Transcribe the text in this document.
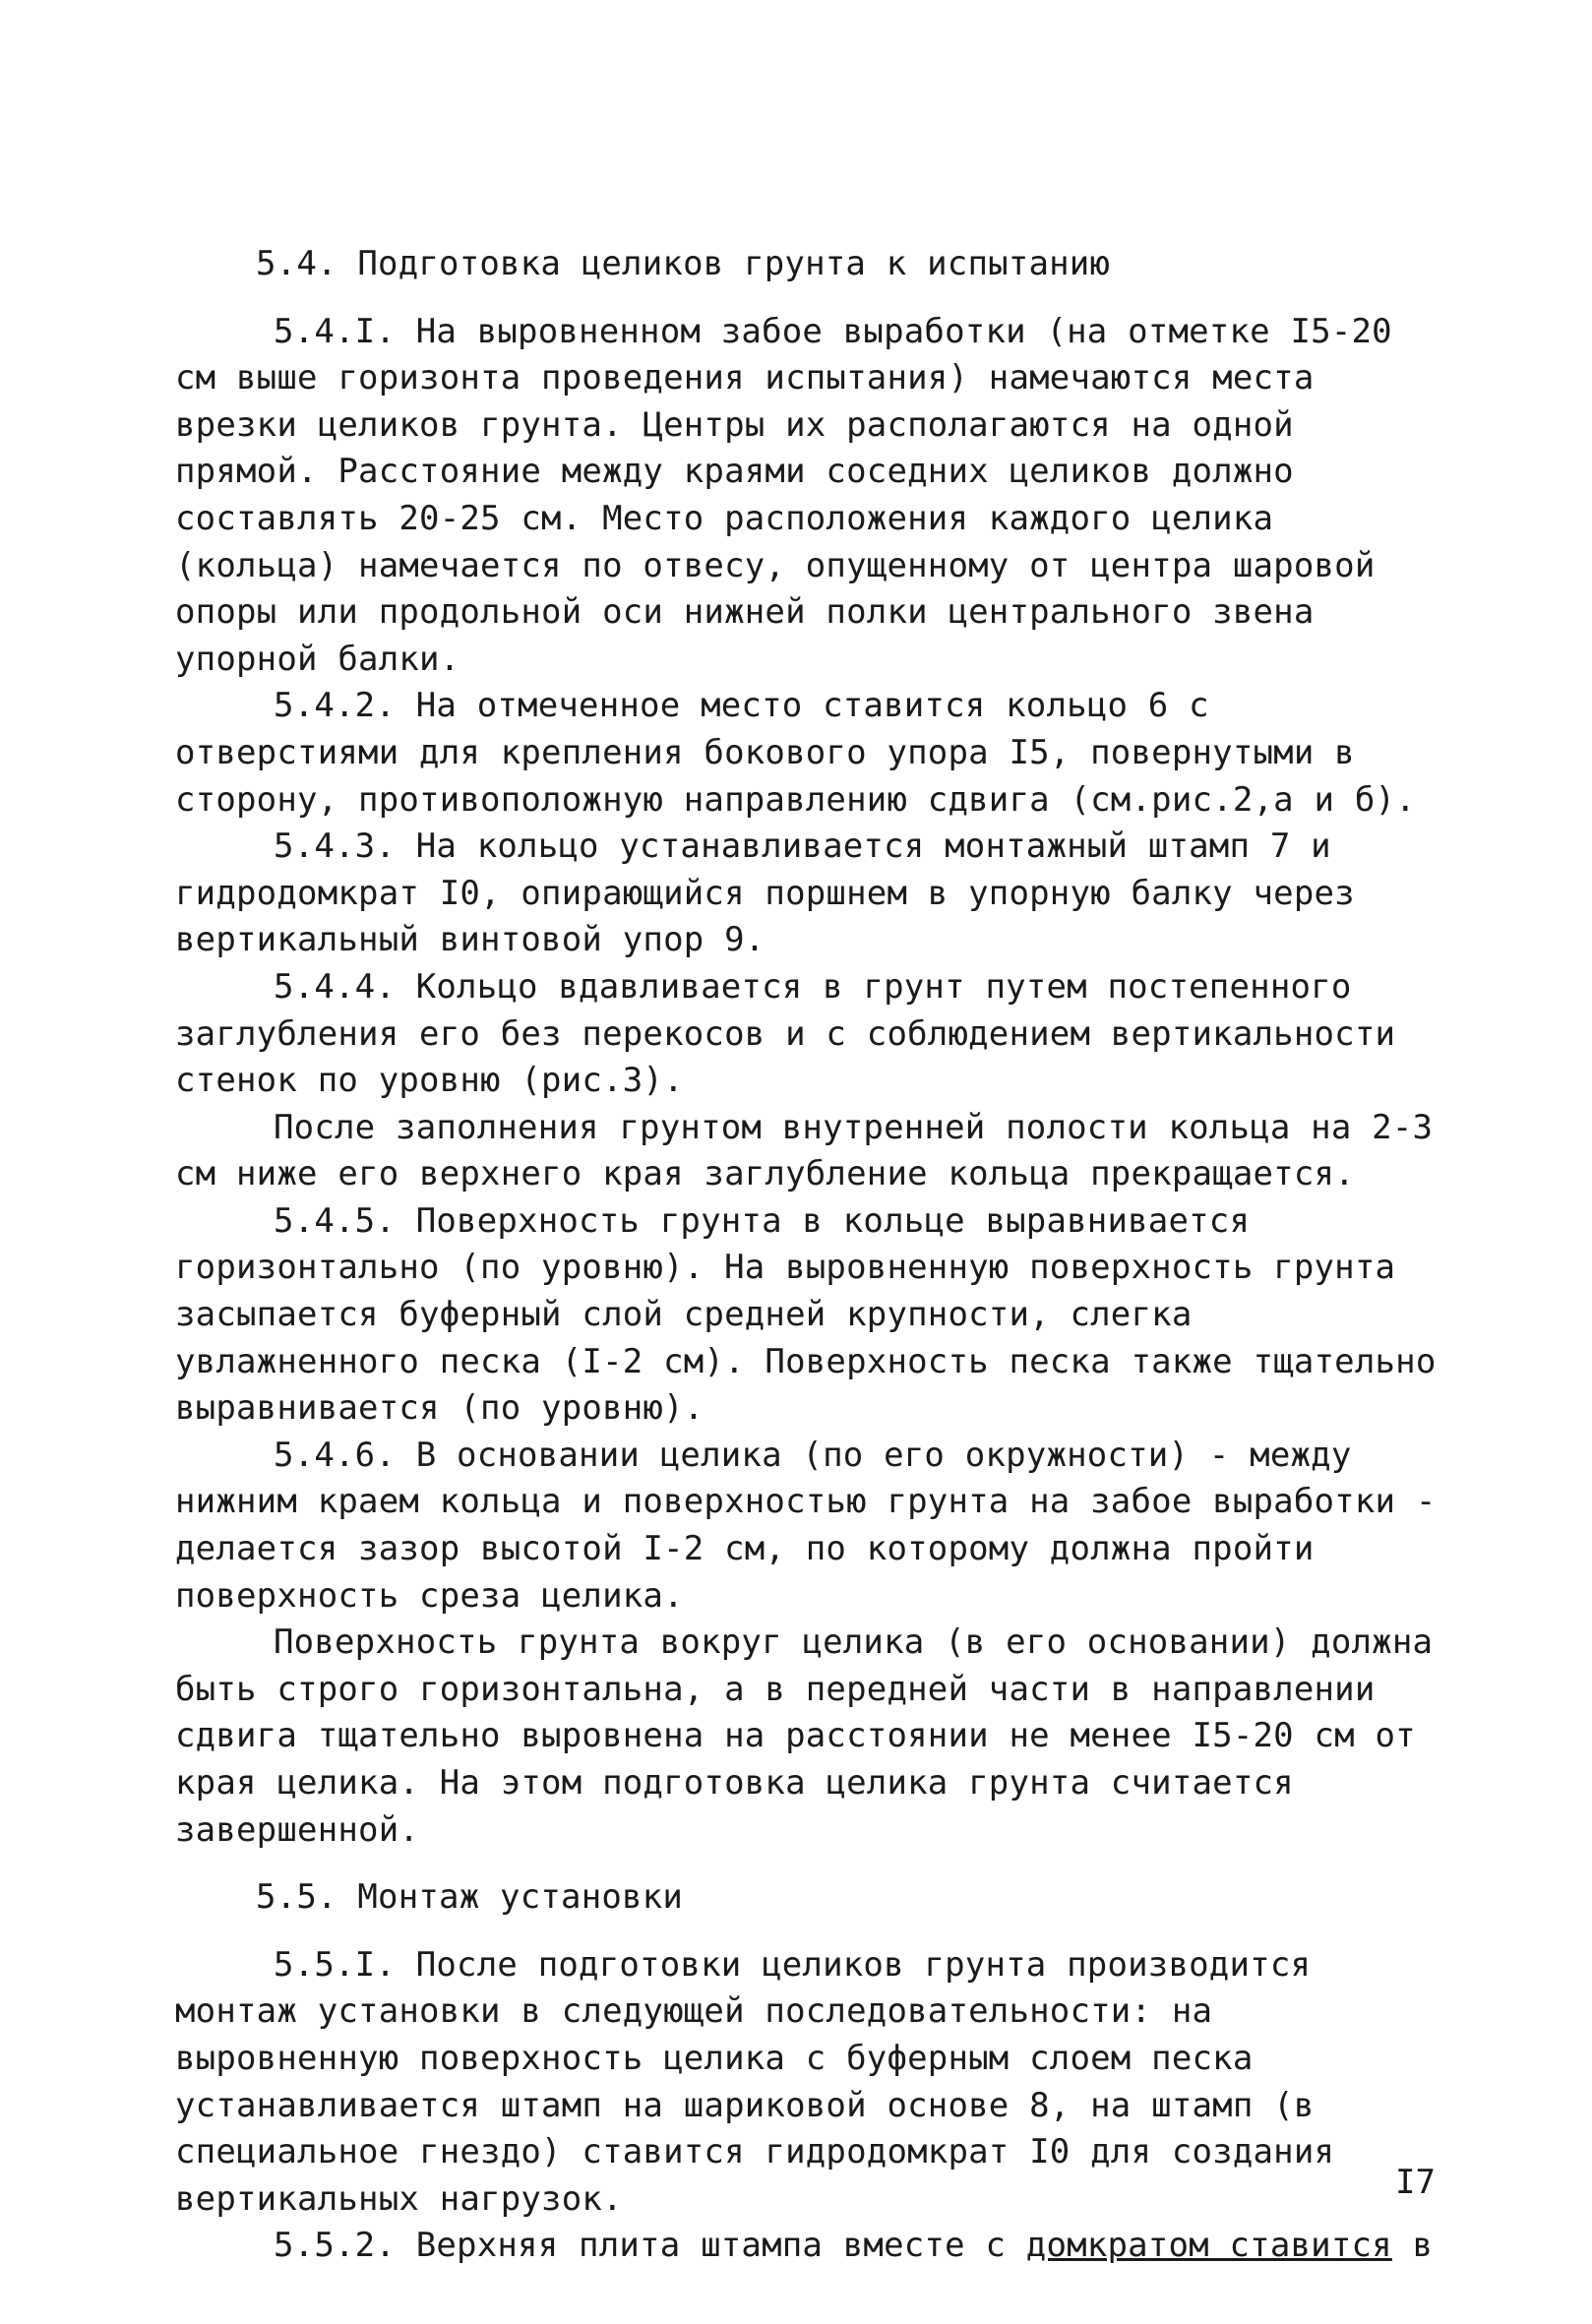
5.4. Подготовка целиков грунта к испытанию

5.4.I. На выровненном забое выработки (на отметке I5-20 см выше горизонта проведения испытания) намечаются места врезки целиков грунта. Центры их располагаются на одной прямой. Расстояние между краями соседних целиков должно составлять 20-25 см. Место расположения каждого целика (кольца) намечается по отвесу, опущенному от центра шаровой опоры или продольной оси нижней полки центрального звена упорной балки.

5.4.2. На отмеченное место ставится кольцо 6 с отверстиями для крепления бокового упора I5, повернутыми в сторону, противоположную направлению сдвига (см.рис.2,а и б).

5.4.3. На кольцо устанавливается монтажный штамп 7 и гидродомкрат I0, опирающийся поршнем в упорную балку через вертикальный винтовой упор 9.

5.4.4. Кольцо вдавливается в грунт путем постепенного заглубления его без перекосов и с соблюдением вертикальности стенок по уровню (рис.3).

После заполнения грунтом внутренней полости кольца на 2-3 см ниже его верхнего края заглубление кольца прекращается.

5.4.5. Поверхность грунта в кольце выравнивается горизонтально (по уровню). На выровненную поверхность грунта засыпается буферный слой средней крупности, слегка увлажненного песка (I-2 см). Поверхность песка также тщательно выравнивается (по уровню).

5.4.6. В основании целика (по его окружности) - между нижним краем кольца и поверхностью грунта на забое выработки - делается зазор высотой I-2 см, по которому должна пройти поверхность среза целика.

Поверхность грунта вокруг целика (в его основании) должна быть строго горизонтальна, а в передней части в направлении сдвига тщательно выровнена на расстоянии не менее I5-20 см от края целика. На этом подготовка целика грунта считается завершенной.

5.5. Монтаж установки

5.5.I. После подготовки целиков грунта производится монтаж установки в следующей последовательности: на выровненную поверхность целика с буферным слоем песка устанавливается штамп на шариковой основе 8, на штамп (в специальное гнездо) ставится гидродомкрат I0 для создания вертикальных нагрузок.

5.5.2. Верхняя плита штампа вместе с домкратом ставится в

I7
